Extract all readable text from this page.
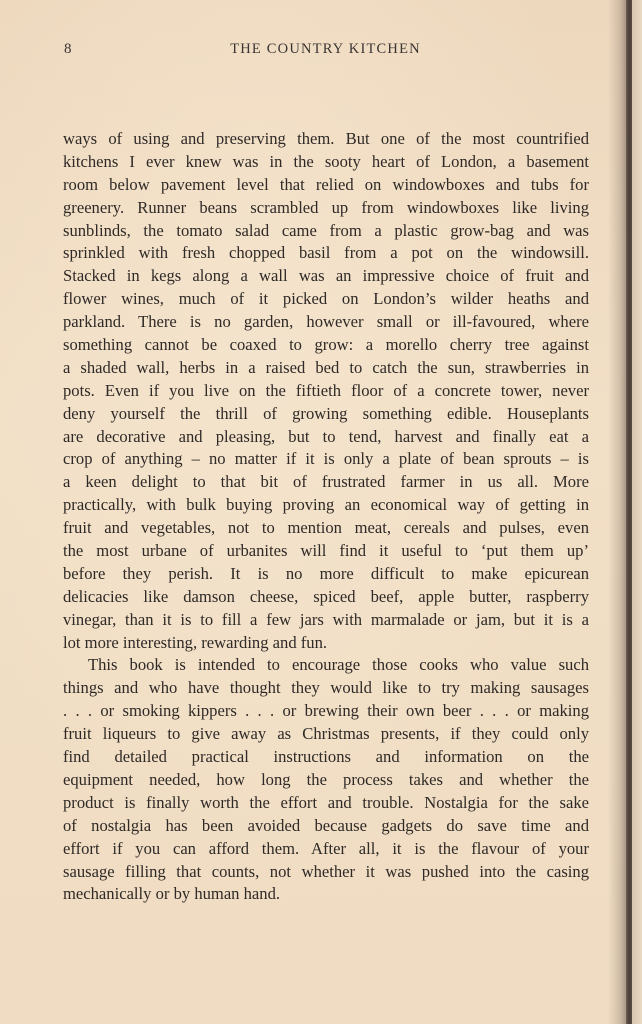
8	THE COUNTRY KITCHEN
ways of using and preserving them. But one of the most countrified
kitchens I ever knew was in the sooty heart of London, a basement
room below pavement level that relied on windowboxes and tubs for
greenery. Runner beans scrambled up from windowboxes like living
sunblinds, the tomato salad came from a plastic grow-bag and was
sprinkled with fresh chopped basil from a pot on the windowsill.
Stacked in kegs along a wall was an impressive choice of fruit and
flower wines, much of it picked on London’s wilder heaths and
parkland. There is no garden, however small or ill-favoured, where
something cannot be coaxed to grow: a morello cherry tree against
a shaded wall, herbs in a raised bed to catch the sun, strawberries in
pots. Even if you live on the fiftieth floor of a concrete tower, never
deny yourself the thrill of growing something edible. Houseplants
are decorative and pleasing, but to tend, harvest and finally eat a
crop of anything – no matter if it is only a plate of bean sprouts – is
a keen delight to that bit of frustrated farmer in us all. More
practically, with bulk buying proving an economical way of getting in
fruit and vegetables, not to mention meat, cereals and pulses, even
the most urbane of urbanites will find it useful to ‘put them up’
before they perish. It is no more difficult to make epicurean
delicacies like damson cheese, spiced beef, apple butter, raspberry
vinegar, than it is to fill a few jars with marmalade or jam, but it is a
lot more interesting, rewarding and fun.
This book is intended to encourage those cooks who value such
things and who have thought they would like to try making sausages
. . . or smoking kippers . . . or brewing their own beer . . . or making
fruit liqueurs to give away as Christmas presents, if they could only
find detailed practical instructions and information on the
equipment needed, how long the process takes and whether the
product is finally worth the effort and trouble. Nostalgia for the sake
of nostalgia has been avoided because gadgets do save time and
effort if you can afford them. After all, it is the flavour of your
sausage filling that counts, not whether it was pushed into the casing
mechanically or by human hand.
